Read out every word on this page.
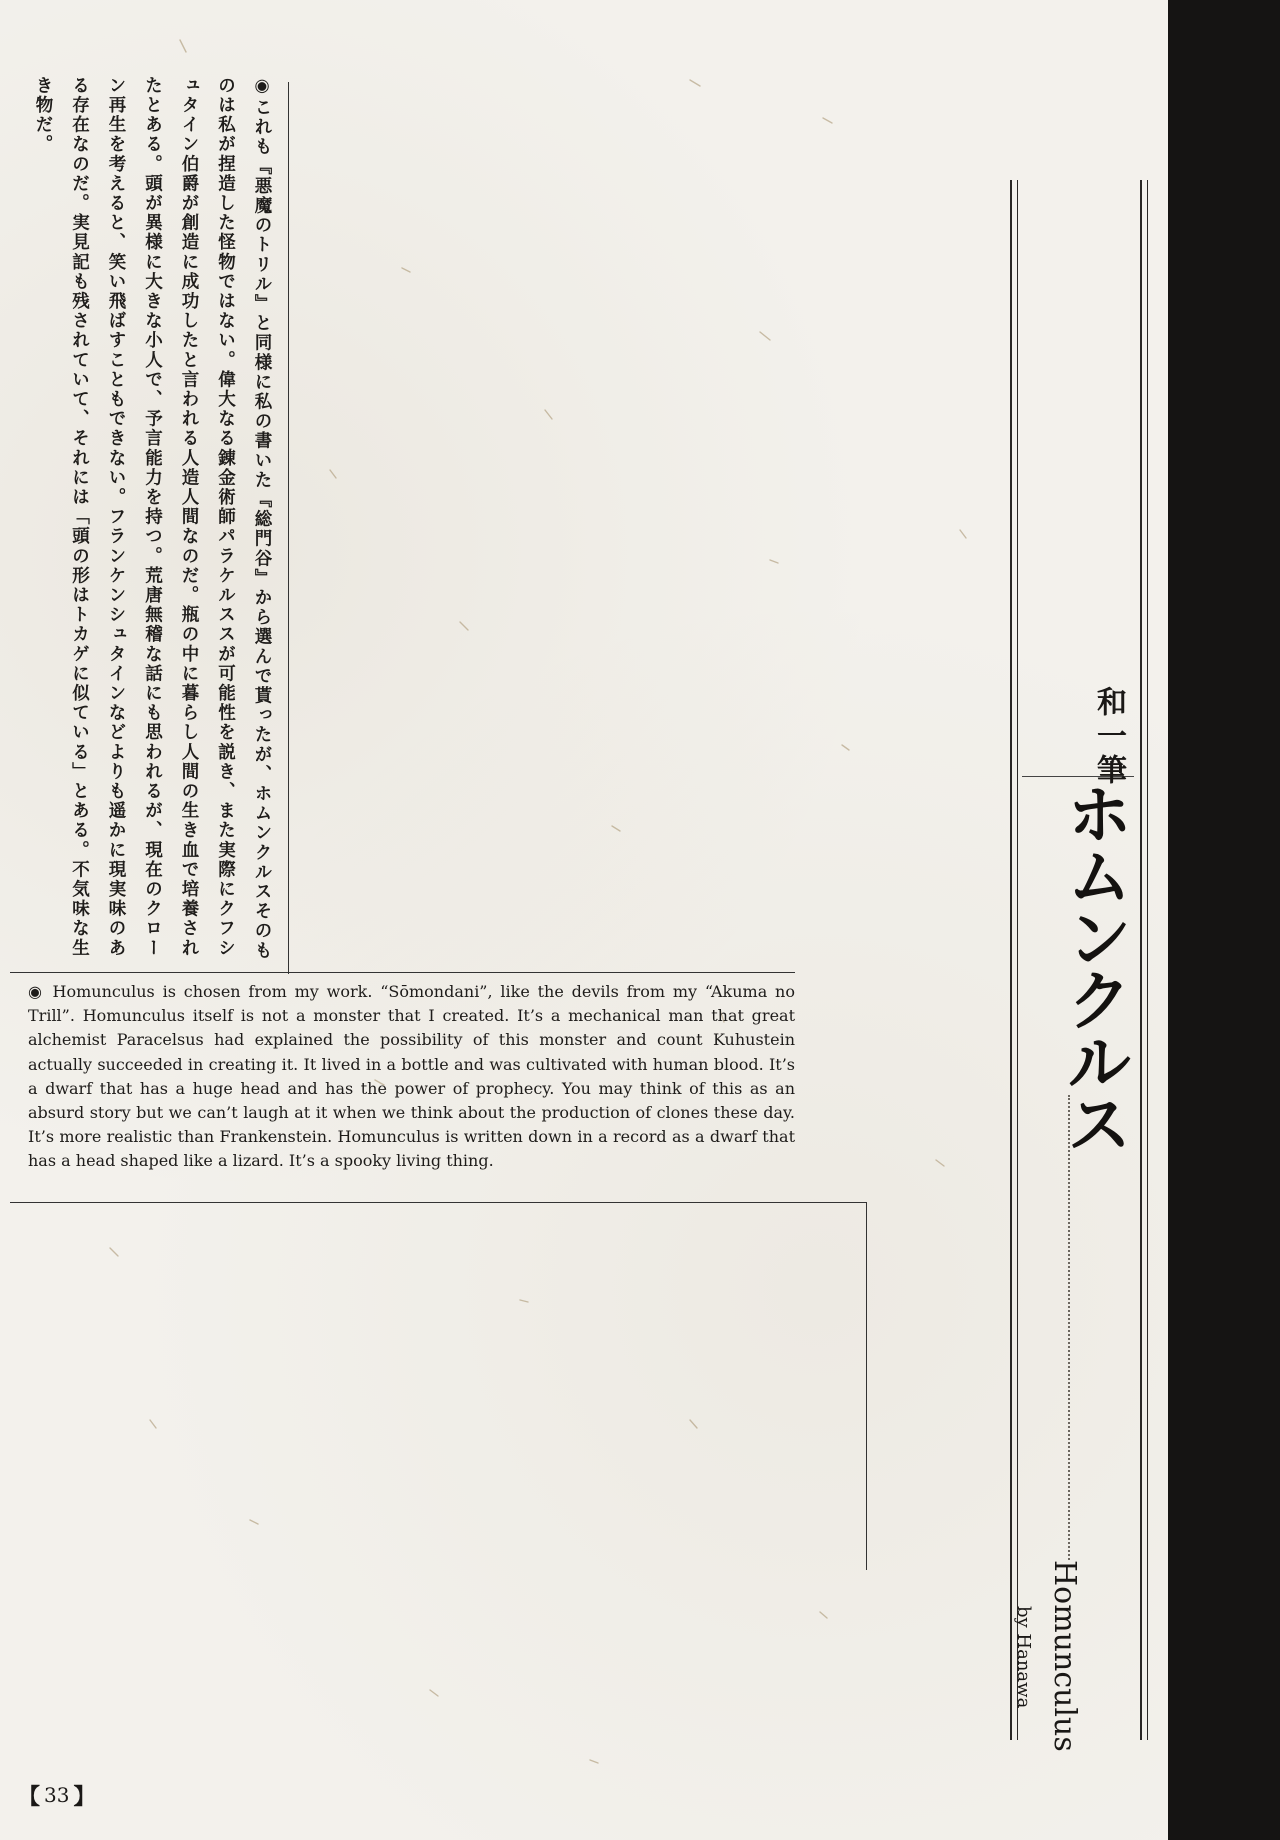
◉これも『悪魔のトリル』と同様に私の書いた『総門谷』から選んで貰ったが、ホムンクルスそのものは私が捏造した怪物ではない。偉大なる錬金術師パラケルススが可能性を説き、また実際にクフシュタイン伯爵が創造に成功したと言われる人造人間なのだ。瓶の中に暮らし人間の生き血で培養されたとある。頭が異様に大きな小人で、予言能力を持つ。荒唐無稽な話にも思われるが、現在のクローン再生を考えると、笑い飛ばすこともできない。フランケンシュタインなどよりも遥かに現実味のある存在なのだ。実見記も残されていて、それには「頭の形はトカゲに似ている」とある。不気味な生き物だ。
◉ Homunculus is chosen from my work. “Sōmondani”, like the devils from my “Akuma no Trill”. Homunculus itself is not a monster that I created. It’s a mechanical man that great alchemist Paracelsus had explained the possibility of this monster and count Kuhustein actually succeeded in creating it. It lived in a bottle and was cultivated with human blood. It’s a dwarf that has a huge head and has the power of prophecy. You may think of this as an absurd story but we can’t laugh at it when we think about the production of clones these day. It’s more realistic than Frankenstein. Homunculus is written down in a record as a dwarf that has a head shaped like a lizard. It’s a spooky living thing.
和一筆
ホムンクルス
Homunculus
by Hanawa
【 33 】
